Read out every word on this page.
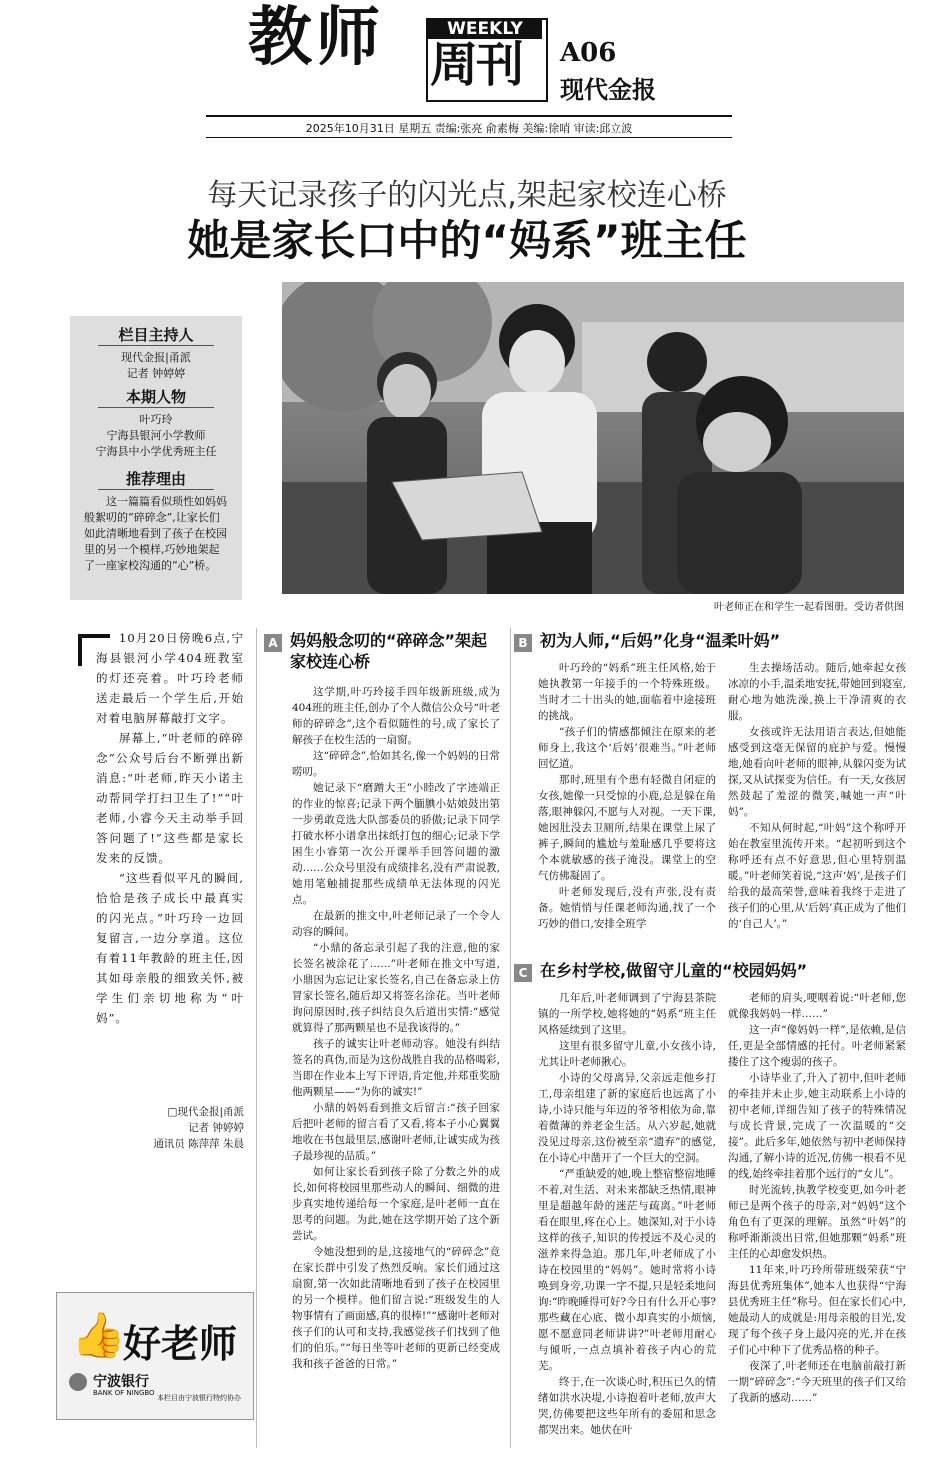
教师	WEEKLY
周刊 A06
现代金报
2025年10月31日 星期五 责编:张亮 俞素梅 美编:徐哨 审读:邱立波
每天记录孩子的闪光点,架起家校连心桥
她是家长口中的“妈系”班主任
栏目主持人
现代金报|甬派
记者 钟婷婷
本期人物
叶巧玲
宁海县银河小学教师
宁海县中小学优秀班主任
推荐理由
这一篇篇看似琐性如妈妈般絮叨的“碎碎念”,让家长们如此清晰地看到了孩子在校园里的另一个模样,巧妙地架起了一座家校沟通的“心”桥。
叶老师正在和学生一起看图册。受访者供图

10月20日傍晚6点,宁海县银河小学404班教室的灯还亮着。叶巧玲老师送走最后一个学生后,开始对着电脑屏幕敲打文字。

屏幕上,“叶老师的碎碎念”公众号后台不断弹出新消息:“叶老师,昨天小诺主动帮同学打扫卫生了!”“叶老师,小睿今天主动举手回答问题了!”这些都是家长发来的反馈。

“这些看似平凡的瞬间,恰恰是孩子成长中最真实的闪光点。”叶巧玲一边回复留言,一边分享道。这位有着11年教龄的班主任,因其如母亲般的细致关怀,被学生们亲切地称为“叶妈”。

□现代金报|甬派
记者 钟婷婷
通讯员 陈萍萍 朱晨
👍
好老师
宁波银行
BANK OF NINGBO
本栏目由宁波银行特约协办
A 妈妈般念叨的“碎碎念”架起家校连心桥

这学期,叶巧玲接手四年级新班级,成为404班的班主任,创办了个人微信公众号“叶老师的碎碎念”,这个看似随性的号,成了家长了解孩子在校生活的一扇窗。

这“碎碎念”,恰如其名,像一个妈妈的日常唠叨。

她记录下“磨蹭大王”小睦改了字迹端正的作业的惊喜;记录下两个腼腆小姑娘鼓出第一步勇敢竞选大队部委员的骄傲;记录下同学打破水杯小谱拿出抹纸打包的细心;记录下学困生小睿第一次公开课举手回答问题的激动……公众号里没有成绩排名,没有严肃说教,她用笔触捕捉那些成绩单无法体现的闪光点。

在最新的推文中,叶老师记录了一个令人动容的瞬间。

“小鼎的备忘录引起了我的注意,他的家长签名被涂花了……”叶老师在推文中写道,小鼎因为忘记让家长签名,自己在备忘录上仿冒家长签名,随后却又将签名涂花。当叶老师询问原因时,孩子纠结良久后道出实情:“感觉就算得了那两颗星也不是我该得的。”

孩子的诚实让叶老师动容。她没有纠结签名的真伪,而是为这份战胜自我的品格喝彩,当即在作业本上写下评语,肯定他,并郑重奖励他两颗星——“为你的诚实!”

小鼎的妈妈看到推文后留言:“孩子回家后把叶老师的留言看了又看,将本子小心翼翼地收在书包最里层,感谢叶老师,让诚实成为孩子最珍视的品质。”

如何让家长看到孩子除了分数之外的成长,如何将校园里那些动人的瞬间、细微的进步真实地传递给每一个家庭,是叶老师一直在思考的问题。为此,她在这学期开始了这个新尝试。

令她没想到的是,这接地气的“碎碎念”竟在家长群中引发了热烈反响。家长们通过这扇窗,第一次如此清晰地看到了孩子在校园里的另一个模样。他们留言说:“班级发生的人物事情有了画面感,真的很棒!”“感谢叶老师对孩子们的认可和支持,我感觉孩子们找到了他们的伯乐。”“每日坐等叶老师的更新已经变成我和孩子爸爸的日常。”

B 初为人师,“后妈”化身“温柔叶妈”

叶巧玲的“妈系”班主任风格,始于她执教第一年接手的一个特殊班级。当时才二十出头的她,面临着中途接班的挑战。

“孩子们的情感都倾注在原来的老师身上,我这个‘后妈’很难当。”叶老师回忆道。

那时,班里有个患有轻微自闭症的女孩,她像一只受惊的小鹿,总是躲在角落,眼神躲闪,不愿与人对视。一天下课,她因肚没去卫厕所,结果在课堂上尿了裤子,瞬间的尴尬与羞耻感几乎要将这个本就敏感的孩子淹没。课堂上的空气仿佛凝固了。

叶老师发现后,没有声张,没有责备。她悄悄与任课老师沟通,找了一个巧妙的借口,安排全班学

生去操场活动。随后,她牵起女孩冰凉的小手,温柔地安抚,带她回到寝室,耐心地为她洗澡,换上干净清爽的衣服。

女孩或许无法用语言表达,但她能感受到这毫无保留的庇护与爱。慢慢地,她看向叶老师的眼神,从躲闪变为试探,又从试探变为信任。有一天,女孩居然鼓起了羞涩的微笑,喊她一声“叶妈”。

不知从何时起,“叶妈”这个称呼开始在教室里流传开来。“起初听到这个称呼还有点不好意思,但心里特别温暖。”叶老师笑着说,“这声‘妈’,是孩子们给我的最高荣誉,意味着我终于走进了孩子们的心里,从‘后妈’真正成为了他们的‘自己人’。”

C 在乡村学校,做留守儿童的“校园妈妈”

几年后,叶老师调到了宁海县茶院镇的一所学校,她将她的“妈系”班主任风格延续到了这里。

这里有很多留守儿童,小女孩小诗,尤其让叶老师揪心。

小诗的父母离异,父亲远走他乡打工,母亲组建了新的家庭后也远离了小诗,小诗只能与年迈的爷爷相依为命,靠着微薄的养老金生活。从六岁起,她就没见过母亲,这份被至亲“遗弃”的感觉,在小诗心中凿开了一个巨大的空洞。

“严重缺爱的她,晚上整宿整宿地睡不着,对生活、对未来都缺乏热情,眼神里是超越年龄的迷茫与疏离。”叶老师看在眼里,疼在心上。她深知,对于小诗这样的孩子,知识的传授远不及心灵的滋养来得急迫。那几年,叶老师成了小诗在校园里的“妈妈”。她时常将小诗唤到身旁,功课一字不提,只是轻柔地问询:“昨晚睡得可好?今日有什么开心事?那些藏在心底、微小却真实的小烦恼,愿不愿意同老师讲讲?”叶老师用耐心与倾听,一点点填补着孩子内心的荒芜。

终于,在一次谈心时,积压已久的情绪如洪水决堤,小诗抱着叶老师,放声大哭,仿佛要把这些年所有的委屈和思念都哭出来。她伏在叶

老师的肩头,哽咽着说:“叶老师,您就像我妈妈一样……”

这一声“像妈妈一样”,是依赖,是信任,更是全部情感的托付。叶老师紧紧搂住了这个瘦弱的孩子。

小诗毕业了,升入了初中,但叶老师的牵挂并未止步,她主动联系上小诗的初中老师,详细告知了孩子的特殊情况与成长背景,完成了一次温暖的“交接”。此后多年,她依然与初中老师保持沟通,了解小诗的近况,仿佛一根看不见的线,始终牵挂着那个远行的“女儿”。

时光流转,执教学校变更,如今叶老师已是两个孩子的母亲,对“妈妈”这个角色有了更深的理解。虽然“叶妈”的称呼渐渐淡出日常,但她那颗“妈系”班主任的心却愈发炽热。

11年来,叶巧玲所带班级荣获“宁海县优秀班集体”,她本人也获得“宁海县优秀班主任”称号。但在家长们心中,她最动人的成就是:用母亲般的目光,发现了每个孩子身上最闪亮的光,并在孩子们心中种下了优秀品格的种子。

夜深了,叶老师还在电脑前敲打新一期“碎碎念”:“今天班里的孩子们又给了我新的感动……”
